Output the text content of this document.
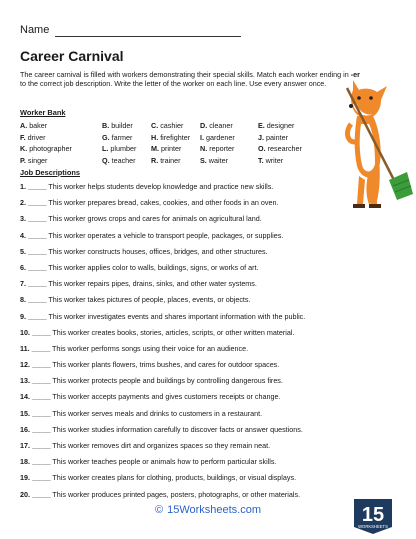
Name
Career Carnival
The career carnival is filled with workers demonstrating their special skills. Match each worker ending in -er to the correct job description. Write the letter of the worker on each line. Use every answer once.
Worker Bank
A. baker	B. builder	C. cashier D. cleaner	E. designer
F. driver	G. farmer	H. firefighter I. gardener	J. painter
K. photographer	L. plumber M. printer	N. reporter	O. researcher
P. singer	Q. teacher R. trainer	S. waiter	T. writer
Job Descriptions
1. _____ This worker helps students develop knowledge and practice new skills.
2. _____ This worker prepares bread, cakes, cookies, and other foods in an oven.
3. _____ This worker grows crops and cares for animals on agricultural land.
4. _____ This worker operates a vehicle to transport people, packages, or supplies.
5. _____ This worker constructs houses, offices, bridges, and other structures.
6. _____ This worker applies color to walls, buildings, signs, or works of art.
7. _____ This worker repairs pipes, drains, sinks, and other water systems.
8. _____ This worker takes pictures of people, places, events, or objects.
9. _____ This worker investigates events and shares important information with the public.
10. _____ This worker creates books, stories, articles, scripts, or other written material.
11. _____ This worker performs songs using their voice for an audience.
12. _____ This worker plants flowers, trims bushes, and cares for outdoor spaces.
13. _____ This worker protects people and buildings by controlling dangerous fires.
14. _____ This worker accepts payments and gives customers receipts or change.
15. _____ This worker serves meals and drinks to customers in a restaurant.
16. _____ This worker studies information carefully to discover facts or answer questions.
17. _____ This worker removes dirt and organizes spaces so they remain neat.
18. _____ This worker teaches people or animals how to perform particular skills.
19. _____ This worker creates plans for clothing, products, buildings, or visual displays.
20. _____ This worker produces printed pages, posters, photographs, or other materials.
© 15Worksheets.com	15
WORKSHEETS
